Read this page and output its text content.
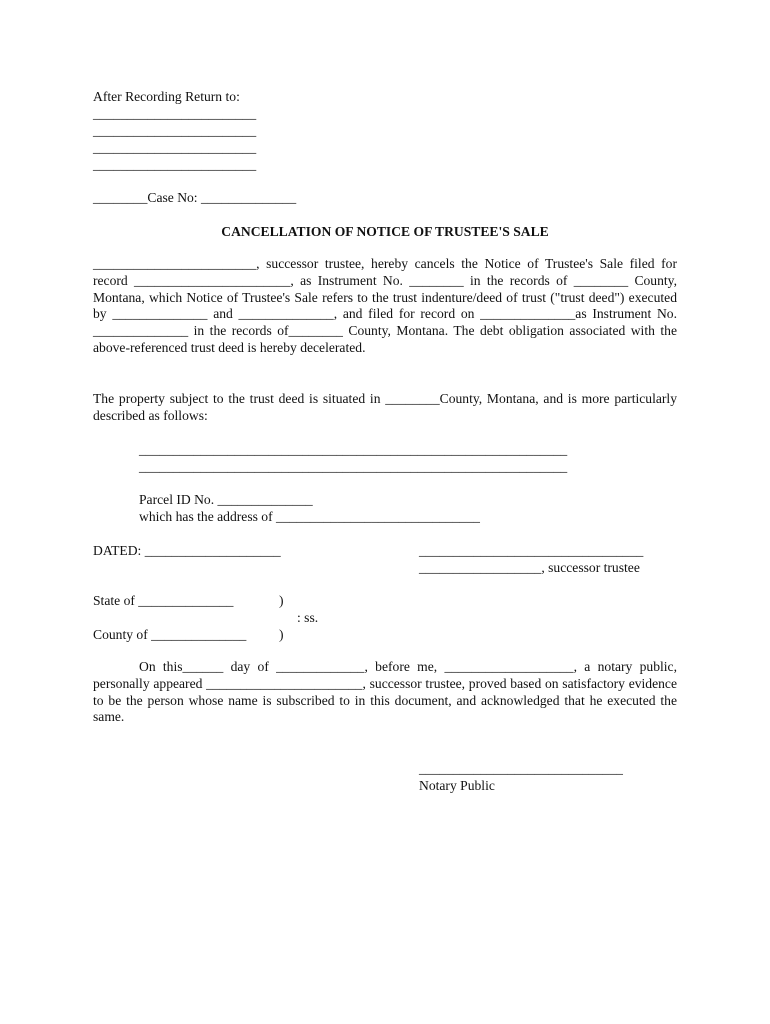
After Recording Return to:
________________________
________________________
________________________
________________________
________Case No: ______________
CANCELLATION OF NOTICE OF TRUSTEE'S SALE

________________________, successor trustee, hereby cancels the Notice of Trustee's Sale filed for record _______________________, as Instrument No. ________ in the records of ________ County, Montana, which Notice of Trustee's Sale refers to the trust indenture/deed of trust ("trust deed") executed by ______________ and ______________, and filed for record on ______________as Instrument No. ______________ in the records of________ County, Montana. The debt obligation associated with the above-referenced trust deed is hereby decelerated.

The property subject to the trust deed is situated in ________County, Montana, and is more particularly described as follows:

_______________________________________________________________
_______________________________________________________________
Parcel ID No. ______________
which has the address of ______________________________
DATED: ____________________	_________________________________
__________________, successor trustee
State of ______________	)
: ss.
County of ______________ )

On this______ day of _____________, before me, ___________________, a notary public, personally appeared _______________________, successor trustee, proved based on satisfactory evidence to be the person whose name is subscribed to in this document, and acknowledged that he executed the same.

______________________________
Notary Public
